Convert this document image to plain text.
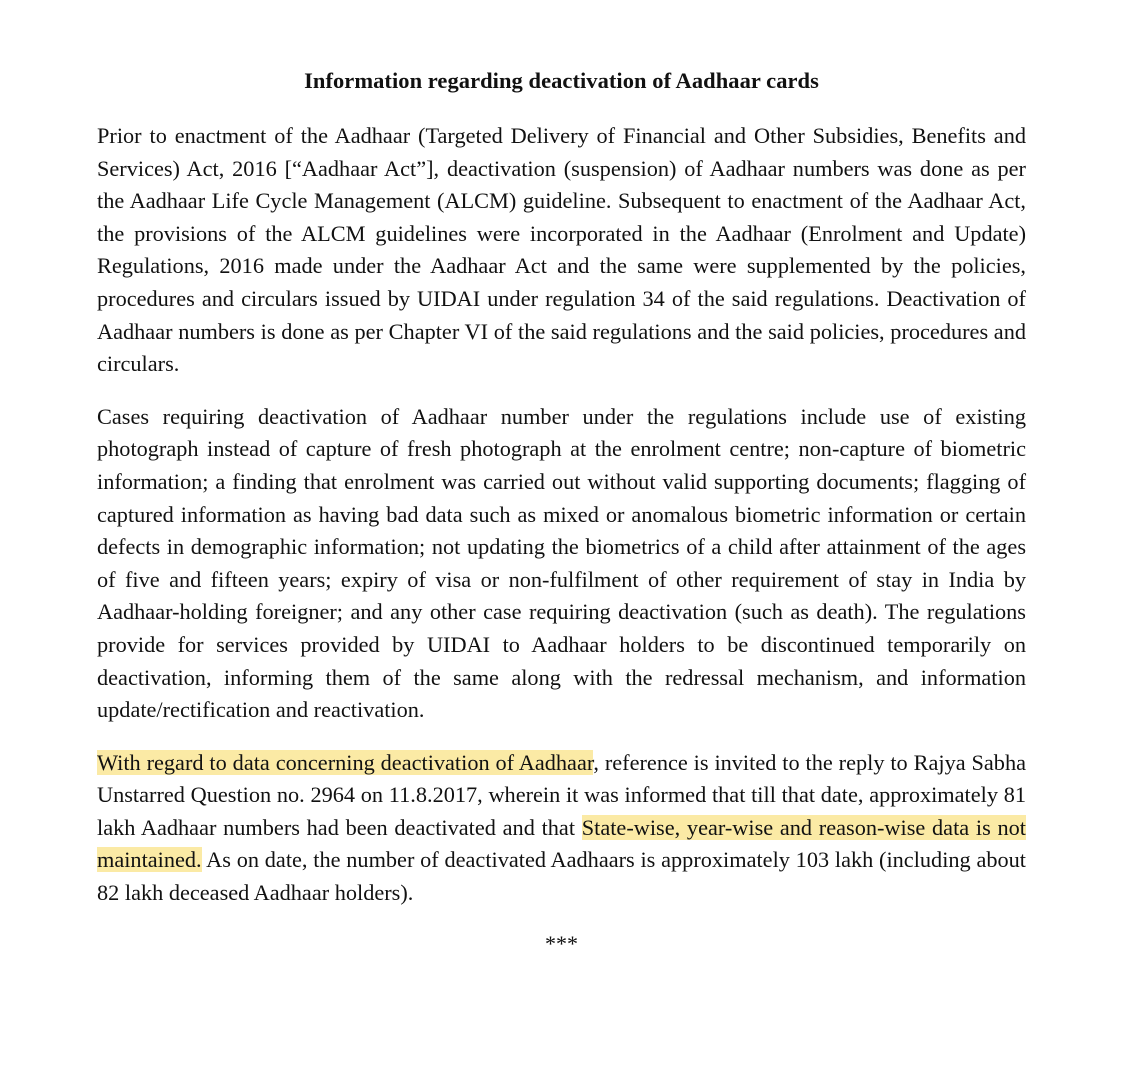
Information regarding deactivation of Aadhaar cards

Prior to enactment of the Aadhaar (Targeted Delivery of Financial and Other Subsidies, Benefits and Services) Act, 2016 [“Aadhaar Act”], deactivation (suspension) of Aadhaar numbers was done as per the Aadhaar Life Cycle Management (ALCM) guideline. Subsequent to enactment of the Aadhaar Act, the provisions of the ALCM guidelines were incorporated in the Aadhaar (Enrolment and Update) Regulations, 2016 made under the Aadhaar Act and the same were supplemented by the policies, procedures and circulars issued by UIDAI under regulation 34 of the said regulations. Deactivation of Aadhaar numbers is done as per Chapter VI of the said regulations and the said policies, procedures and circulars.

Cases requiring deactivation of Aadhaar number under the regulations include use of existing photograph instead of capture of fresh photograph at the enrolment centre; non-capture of biometric information; a finding that enrolment was carried out without valid supporting documents; flagging of captured information as having bad data such as mixed or anomalous biometric information or certain defects in demographic information; not updating the biometrics of a child after attainment of the ages of five and fifteen years; expiry of visa or non-fulfilment of other requirement of stay in India by Aadhaar-holding foreigner; and any other case requiring deactivation (such as death). The regulations provide for services provided by UIDAI to Aadhaar holders to be discontinued temporarily on deactivation, informing them of the same along with the redressal mechanism, and information update/rectification and reactivation.

With regard to data concerning deactivation of Aadhaar, reference is invited to the reply to Rajya Sabha Unstarred Question no. 2964 on 11.8.2017, wherein it was informed that till that date, approximately 81 lakh Aadhaar numbers had been deactivated and that State-wise, year-wise and reason-wise data is not maintained. As on date, the number of deactivated Aadhaars is approximately 103 lakh (including about 82 lakh deceased Aadhaar holders).

***
